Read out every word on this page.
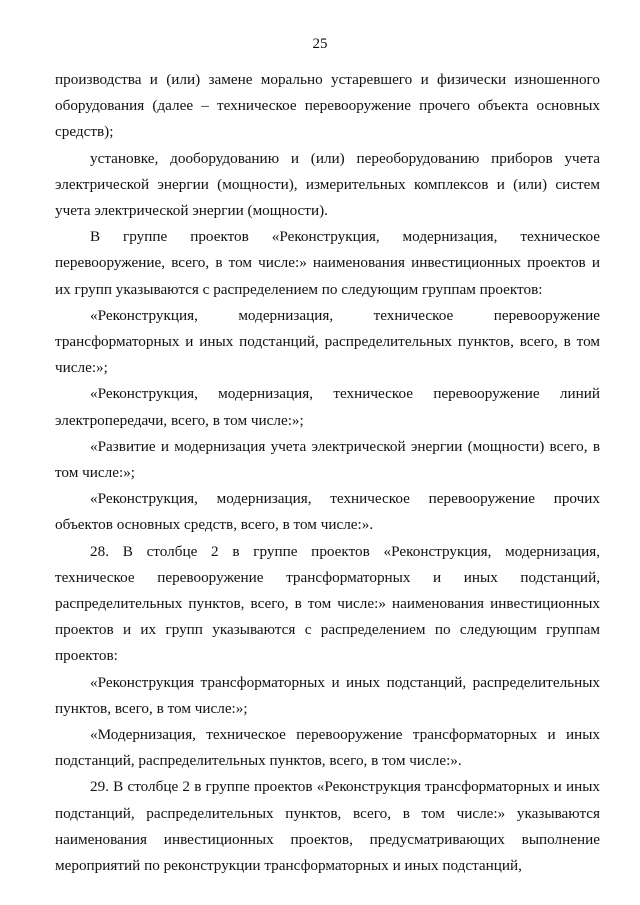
25

производства и (или) замене морально устаревшего и физически изношенного оборудования (далее – техническое перевооружение прочего объекта основных средств);

установке, дооборудованию и (или) переоборудованию приборов учета электрической энергии (мощности), измерительных комплексов и (или) систем учета электрической энергии (мощности).

В группе проектов «Реконструкция, модернизация, техническое перевооружение, всего, в том числе:» наименования инвестиционных проектов и их групп указываются с распределением по следующим группам проектов:

«Реконструкция, модернизация, техническое перевооружение трансформаторных и иных подстанций, распределительных пунктов, всего, в том числе:»;

«Реконструкция, модернизация, техническое перевооружение линий электропередачи, всего, в том числе:»;

«Развитие и модернизация учета электрической энергии (мощности) всего, в том числе:»;

«Реконструкция, модернизация, техническое перевооружение прочих объектов основных средств, всего, в том числе:».

28. В столбце 2 в группе проектов «Реконструкция, модернизация, техническое перевооружение трансформаторных и иных подстанций, распределительных пунктов, всего, в том числе:» наименования инвестиционных проектов и их групп указываются с распределением по следующим группам проектов:

«Реконструкция трансформаторных и иных подстанций, распределительных пунктов, всего, в том числе:»;

«Модернизация, техническое перевооружение трансформаторных и иных подстанций, распределительных пунктов, всего, в том числе:».

29. В столбце 2 в группе проектов «Реконструкция трансформаторных и иных подстанций, распределительных пунктов, всего, в том числе:» указываются наименования инвестиционных проектов, предусматривающих выполнение мероприятий по реконструкции трансформаторных и иных подстанций,
